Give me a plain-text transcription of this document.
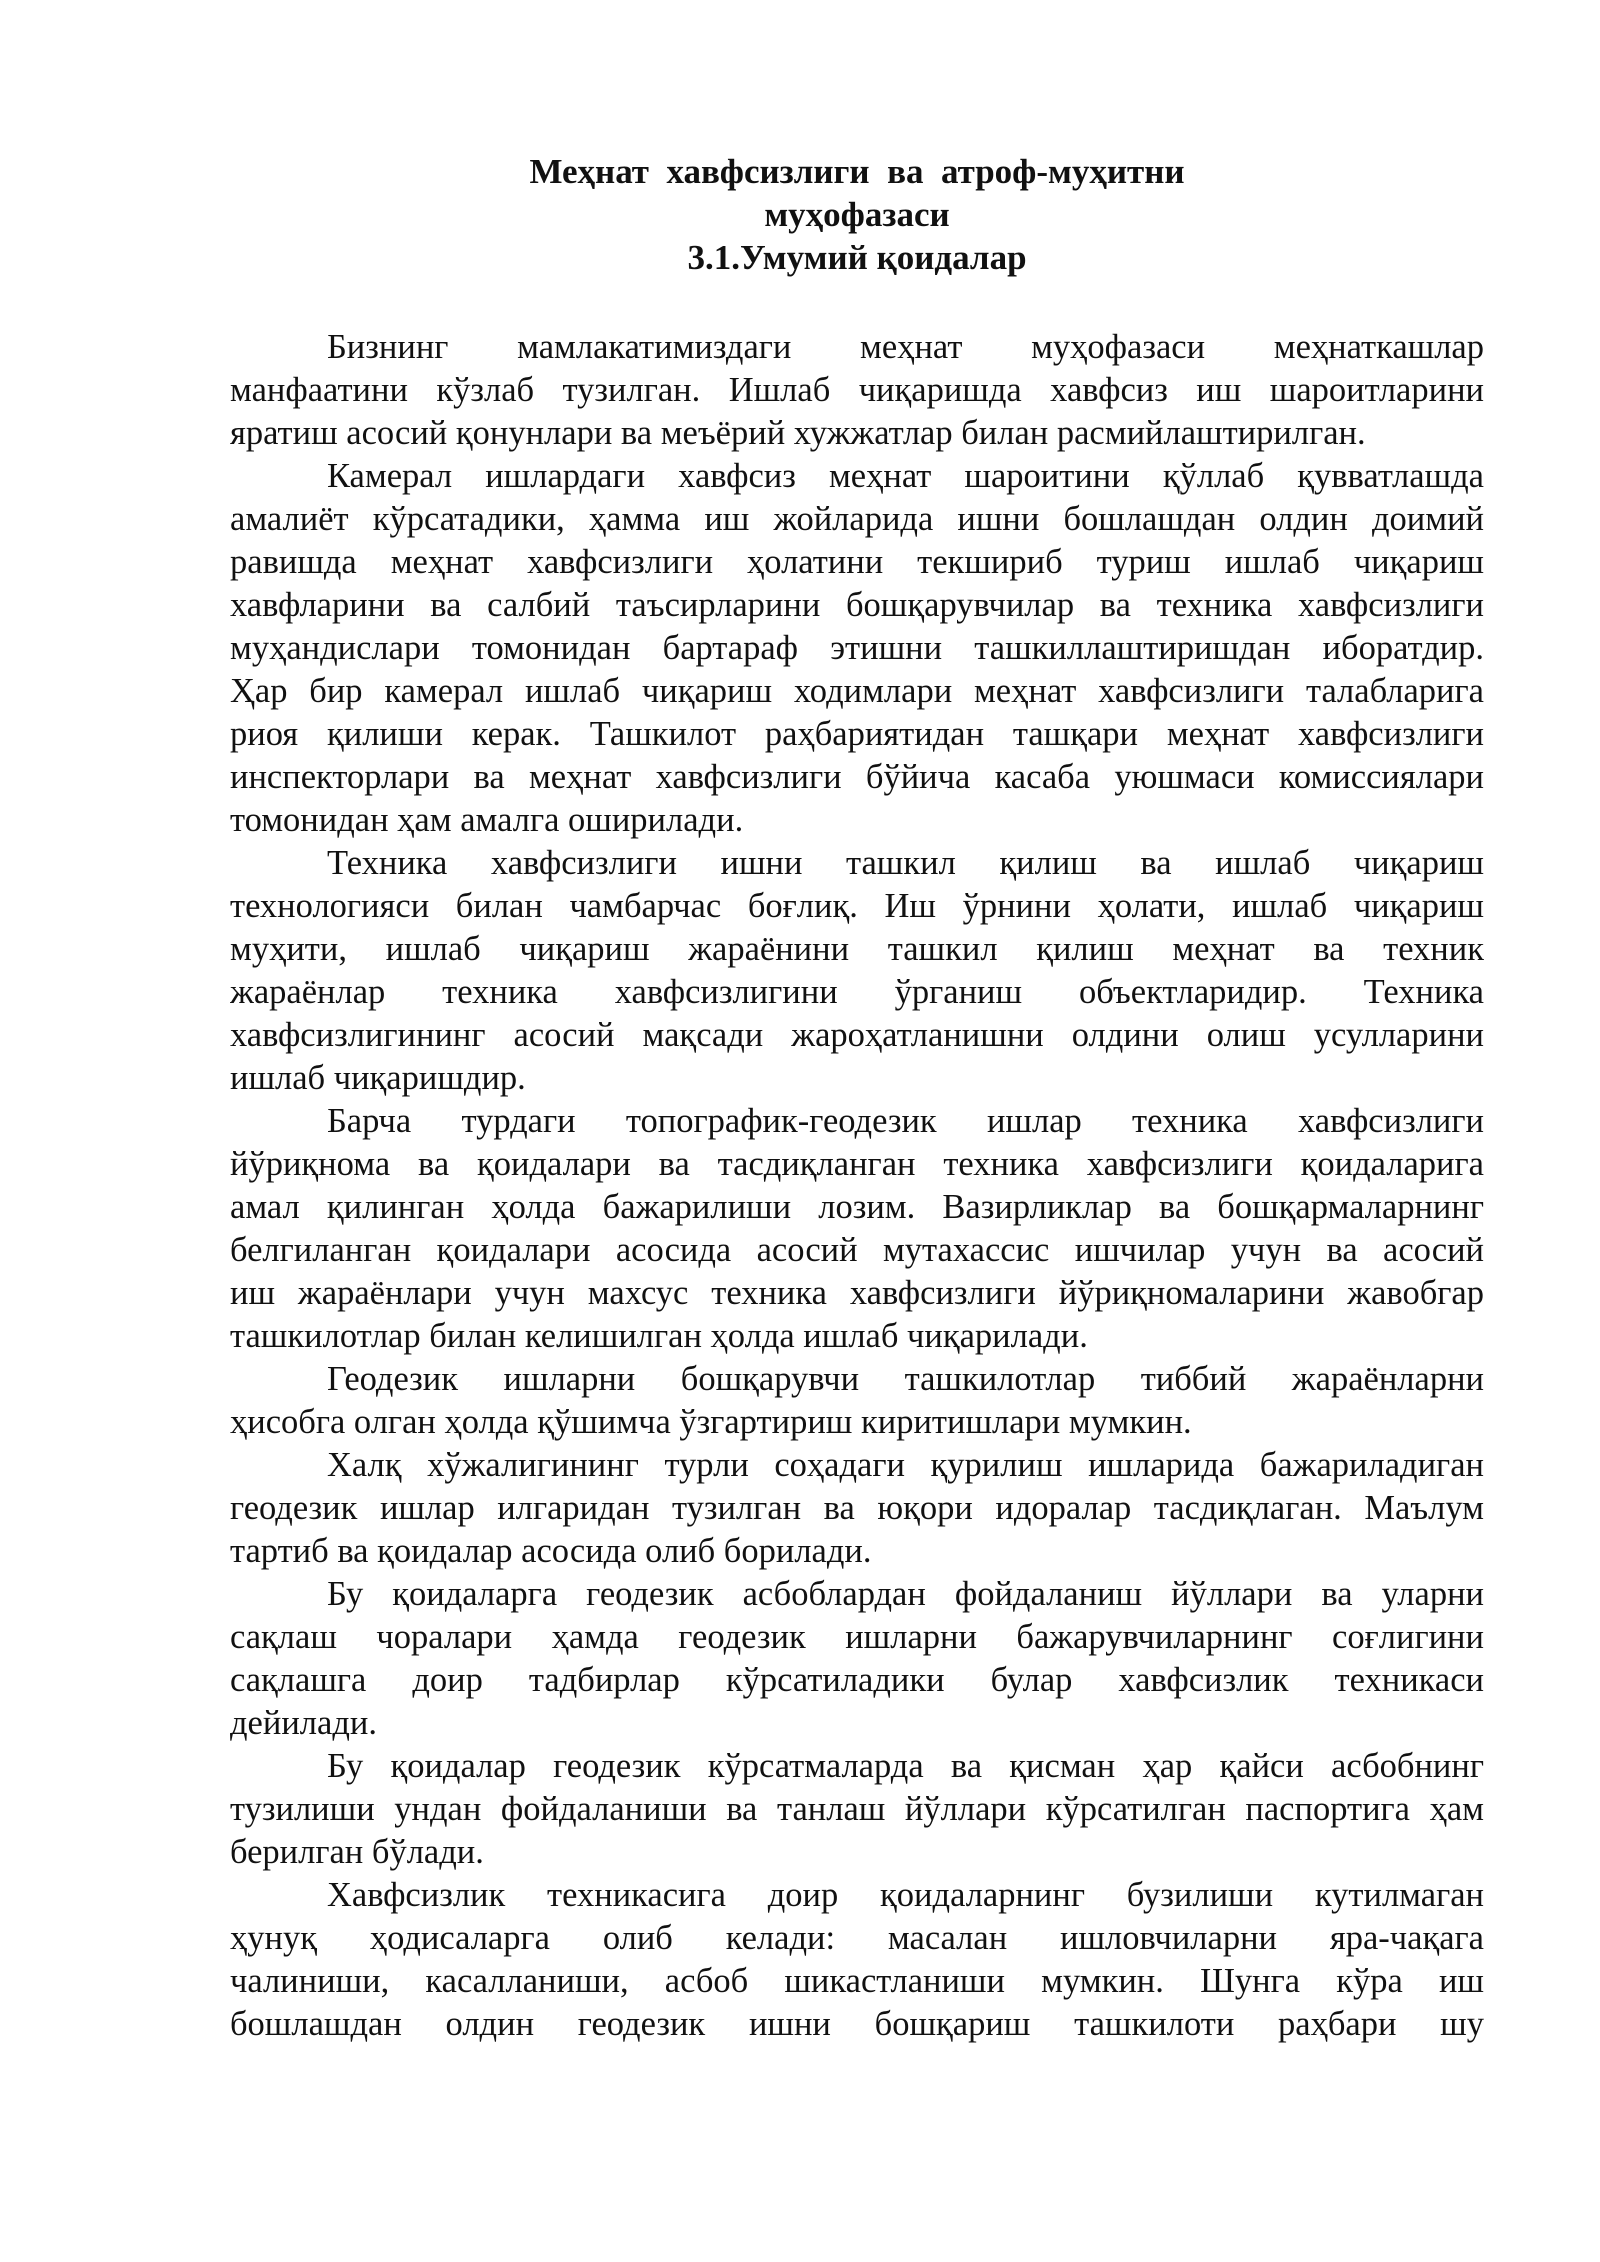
Меҳнат  хавфсизлиги  ва  атроф-муҳитни
муҳофазаси
3.1.Умумий қоидалар
Бизнинг мамлакатимиздаги меҳнат муҳофазаси меҳнаткашлар
манфаатини кўзлаб тузилган. Ишлаб чиқаришда хавфсиз иш шароитларини
яратиш асосий қонунлари ва меъёрий хужжатлар билан расмийлаштирилган.
Камерал ишлардаги хавфсиз меҳнат шароитини қўллаб қувватлашда
амалиёт кўрсатадики, ҳамма иш жойларида ишни бошлашдан олдин доимий
равишда меҳнат хавфсизлиги ҳолатини текшириб туриш ишлаб чиқариш
хавфларини ва салбий таъсирларини бошқарувчилар ва техника хавфсизлиги
муҳандислари томонидан бартараф этишни ташкиллаштиришдан иборатдир.
Ҳар бир камерал ишлаб чиқариш ходимлари меҳнат хавфсизлиги талабларига
риоя қилиши керак. Ташкилот раҳбариятидан ташқари меҳнат хавфсизлиги
инспекторлари ва меҳнат хавфсизлиги бўйича касаба уюшмаси комиссиялари
томонидан ҳам амалга оширилади.
Техника хавфсизлиги ишни ташкил қилиш ва ишлаб чиқариш
технологияси билан чамбарчас боғлиқ. Иш ўрнини ҳолати, ишлаб чиқариш
муҳити, ишлаб чиқариш жараёнини ташкил қилиш меҳнат ва техник
жараёнлар техника хавфсизлигини ўрганиш объектларидир. Техника
хавфсизлигининг асосий мақсади жароҳатланишни олдини олиш усулларини
ишлаб чиқаришдир.
Барча турдаги топографик-геодезик ишлар техника хавфсизлиги
йўриқнома ва қоидалари ва тасдиқланган техника хавфсизлиги қоидаларига
амал қилинган ҳолда бажарилиши лозим. Вазирликлар ва бошқармаларнинг
белгиланган қоидалари асосида асосий мутахассис ишчилар учун ва асосий
иш жараёнлари учун махсус техника хавфсизлиги йўриқномаларини жавобгар
ташкилотлар билан келишилган ҳолда ишлаб чиқарилади.
Геодезик ишларни бошқарувчи ташкилотлар тиббий жараёнларни
ҳисобга олган ҳолда қўшимча ўзгартириш киритишлари мумкин.
Халқ хўжалигининг турли соҳадаги қурилиш ишларида бажариладиган
геодезик ишлар илгаридан тузилган ва юқори идоралар тасдиқлаган. Маълум
тартиб ва қоидалар асосида олиб борилади.
Бу қоидаларга геодезик асбоблардан фойдаланиш йўллари ва уларни
сақлаш чоралари ҳамда геодезик ишларни бажарувчиларнинг соғлигини
сақлашга доир тадбирлар кўрсатиладики булар хавфсизлик техникаси
дейилади.
Бу қоидалар геодезик кўрсатмаларда ва қисман ҳар қайси асбобнинг
тузилиши ундан фойдаланиши ва танлаш йўллари кўрсатилган паспортига ҳам
берилган бўлади.
Хавфсизлик техникасига доир қоидаларнинг бузилиши кутилмаган
ҳунуқ ҳодисаларга олиб келади: масалан ишловчиларни яра-чақага
чалиниши, касалланиши, асбоб шикастланиши мумкин. Шунга кўра иш
бошлашдан олдин геодезик ишни бошқариш ташкилоти раҳбари шу
